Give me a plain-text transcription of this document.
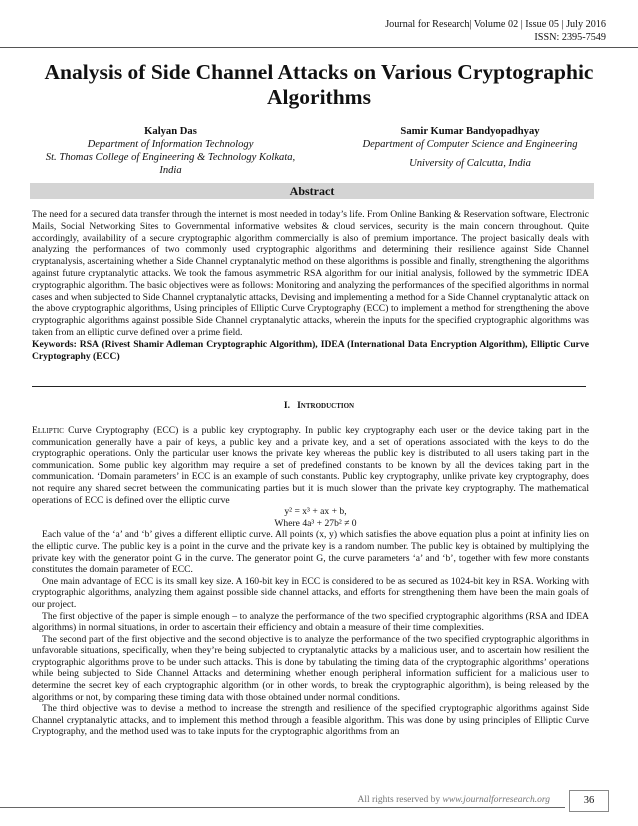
Journal for Research| Volume 02 | Issue 05 | July 2016
ISSN: 2395-7549
Analysis of Side Channel Attacks on Various Cryptographic Algorithms
Kalyan Das
Department of Information Technology
St. Thomas College of Engineering & Technology Kolkata,
India
Samir Kumar Bandyopadhyay
Department of Computer Science and Engineering
University of Calcutta, India
Abstract
The need for a secured data transfer through the internet is most needed in today’s life. From Online Banking & Reservation software, Electronic Mails, Social Networking Sites to Governmental informative websites & cloud services, security is the main concern throughout. Quite accordingly, availability of a secure cryptographic algorithm commercially is also of premium importance. The project basically deals with analyzing the performances of two commonly used cryptographic algorithms and determining their resilience against Side Channel cryptanalysis, ascertaining whether a Side Channel cryptanalytic method on these algorithms is possible and finally, strengthening the algorithms against future cryptanalytic attacks. We took the famous asymmetric RSA algorithm for our initial analysis, followed by the symmetric IDEA cryptographic algorithm. The basic objectives were as follows: Monitoring and analyzing the performances of the specified algorithms in normal cases and when subjected to Side Channel cryptanalytic attacks, Devising and implementing a method for a Side Channel cryptanalytic attack on the above cryptographic algorithms, Using principles of Elliptic Curve Cryptography (ECC) to implement a method for strengthening the above cryptographic algorithms against possible Side Channel cryptanalytic attacks, wherein the inputs for the specified cryptographic algorithms was taken from an elliptic curve defined over a prime field.
Keywords: RSA (Rivest Shamir Adleman Cryptographic Algorithm), IDEA (International Data Encryption Algorithm), Elliptic Curve Cryptography (ECC)
I. Introduction

Elliptic Curve Cryptography (ECC) is a public key cryptography. In public key cryptography each user or the device taking part in the communication generally have a pair of keys, a public key and a private key, and a set of operations associated with the keys to do the cryptographic operations. Only the particular user knows the private key whereas the public key is distributed to all users taking part in the communication. Some public key algorithm may require a set of predefined constants to be known by all the devices taking part in the communication. ‘Domain parameters’ in ECC is an example of such constants. Public key cryptography, unlike private key cryptography, does not require any shared secret between the communicating parties but it is much slower than the private key cryptography. The mathematical operations of ECC is defined over the elliptic curve

y² = x³ + ax + b,

Where 4a³ + 27b² ≠ 0

Each value of the ‘a’ and ‘b’ gives a different elliptic curve. All points (x, y) which satisfies the above equation plus a point at infinity lies on the elliptic curve. The public key is a point in the curve and the private key is a random number. The public key is obtained by multiplying the private key with the generator point G in the curve. The generator point G, the curve parameters ‘a’ and ‘b’, together with few more constants constitutes the domain parameter of ECC.

One main advantage of ECC is its small key size. A 160-bit key in ECC is considered to be as secured as 1024-bit key in RSA. Working with cryptographic algorithms, analyzing them against possible side channel attacks, and efforts for strengthening them have been the main goals of our project.

The first objective of the paper is simple enough – to analyze the performance of the two specified cryptographic algorithms (RSA and IDEA algorithms) in normal situations, in order to ascertain their efficiency and obtain a measure of their time complexities.

The second part of the first objective and the second objective is to analyze the performance of the two specified cryptographic algorithms in unfavorable situations, specifically, when they’re being subjected to cryptanalytic attacks by a malicious user, and to ascertain how resilient the cryptographic algorithms prove to be under such attacks. This is done by tabulating the timing data of the cryptographic algorithms’ operations while being subjected to Side Channel Attacks and determining whether enough peripheral information sufficient for a malicious user to determine the secret key of each cryptographic algorithm (or in other words, to break the cryptographic algorithm), is being released by the algorithms or not, by comparing these timing data with those obtained under normal conditions.

The third objective was to devise a method to increase the strength and resilience of the specified cryptographic algorithms against Side Channel cryptanalytic attacks, and to implement this method through a feasible algorithm. This was done by using principles of Elliptic Curve Cryptography, and the method used was to take inputs for the cryptographic algorithms from an

All rights reserved by www.journalforresearch.org	36
